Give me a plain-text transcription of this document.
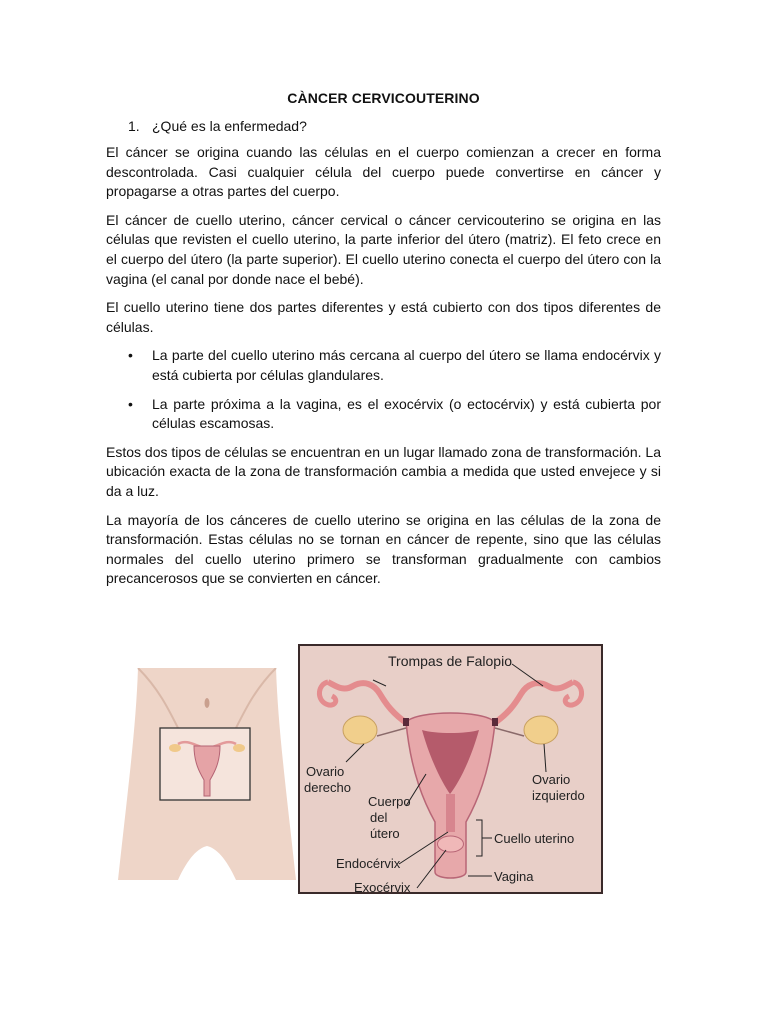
CÀNCER CERVICOUTERINO
1. ¿Qué es la enfermedad?

El cáncer se origina cuando las células en el cuerpo comienzan a crecer en forma descontrolada. Casi cualquier célula del cuerpo puede convertirse en cáncer y propagarse a otras partes del cuerpo.

El cáncer de cuello uterino, cáncer cervical o cáncer cervicouterino se origina en las células que revisten el cuello uterino, la parte inferior del útero (matriz). El feto crece en el cuerpo del útero (la parte superior). El cuello uterino conecta el cuerpo del útero con la vagina (el canal por donde nace el bebé).

El cuello uterino tiene dos partes diferentes y está cubierto con dos tipos diferentes de células.

• La parte del cuello uterino más cercana al cuerpo del útero se llama endocérvix y está cubierta por células glandulares.
• La parte próxima a la vagina, es el exocérvix (o ectocérvix) y está cubierta por células escamosas.

Estos dos tipos de células se encuentran en un lugar llamado zona de transformación. La ubicación exacta de la zona de transformación cambia a medida que usted envejece y si da a luz.

La mayoría de los cánceres de cuello uterino se origina en las células de la zona de transformación. Estas células no se tornan en cáncer de repente, sino que las células normales del cuello uterino primero se transforman gradualmente con cambios precancerosos que se convierten en cáncer.

Trompas de Falopio
Ovario
derecho
Ovario
izquierdo
Cuerpo
del
útero	Cuello uterino
Endocérvix
Vagina
Exocérvix
